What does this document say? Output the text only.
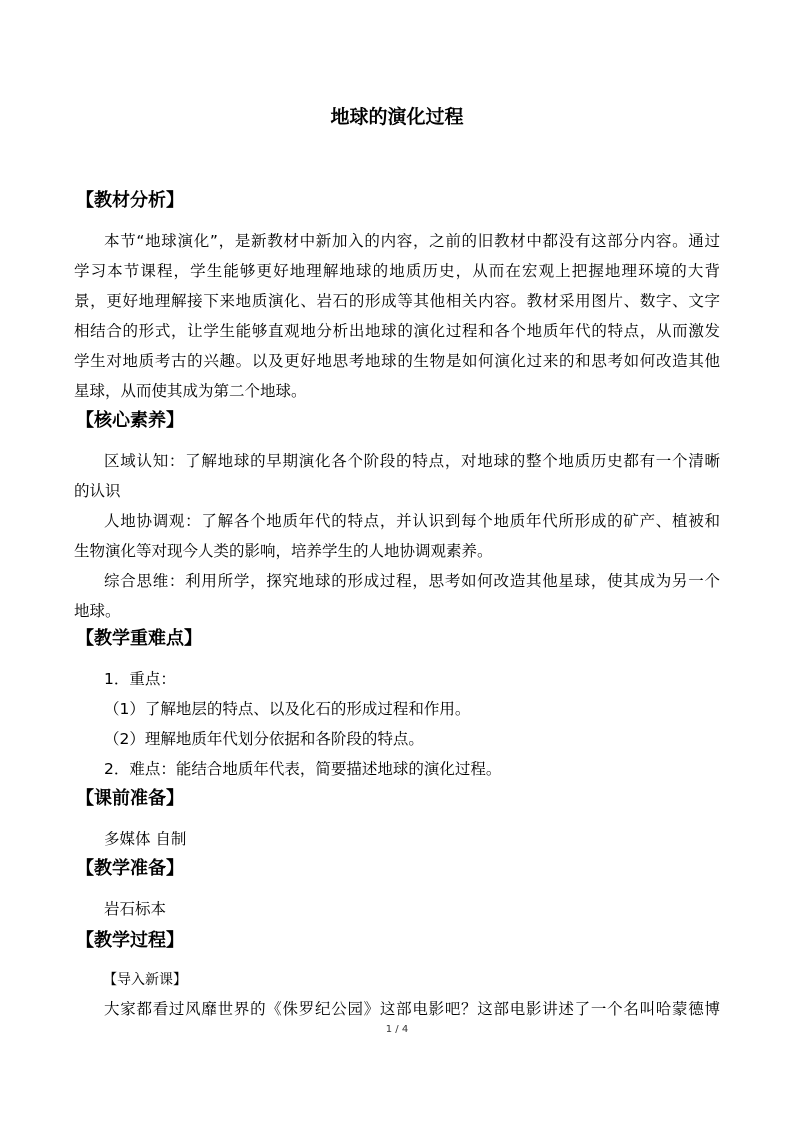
地球的演化过程
【教材分析】
本节“地球演化”，是新教材中新加入的内容，之前的旧教材中都没有这部分内容。通过
学习本节课程，学生能够更好地理解地球的地质历史，从而在宏观上把握地理环境的大背
景，更好地理解接下来地质演化、岩石的形成等其他相关内容。教材采用图片、数字、文字
相结合的形式，让学生能够直观地分析出地球的演化过程和各个地质年代的特点，从而激发
学生对地质考古的兴趣。以及更好地思考地球的生物是如何演化过来的和思考如何改造其他
星球，从而使其成为第二个地球。
【核心素养】
区域认知：了解地球的早期演化各个阶段的特点，对地球的整个地质历史都有一个清晰
的认识
人地协调观：了解各个地质年代的特点，并认识到每个地质年代所形成的矿产、植被和
生物演化等对现今人类的影响，培养学生的人地协调观素养。
综合思维：利用所学，探究地球的形成过程，思考如何改造其他星球，使其成为另一个
地球。
【教学重难点】
1．重点：
（1）了解地层的特点、以及化石的形成过程和作用。
（2）理解地质年代划分依据和各阶段的特点。
2．难点：能结合地质年代表，简要描述地球的演化过程。
【课前准备】
多媒体 自制
【教学准备】
岩石标本
【教学过程】
【导入新课】
大家都看过风靡世界的《侏罗纪公园》这部电影吧？这部电影讲述了一个名叫哈蒙德博
1 / 4
